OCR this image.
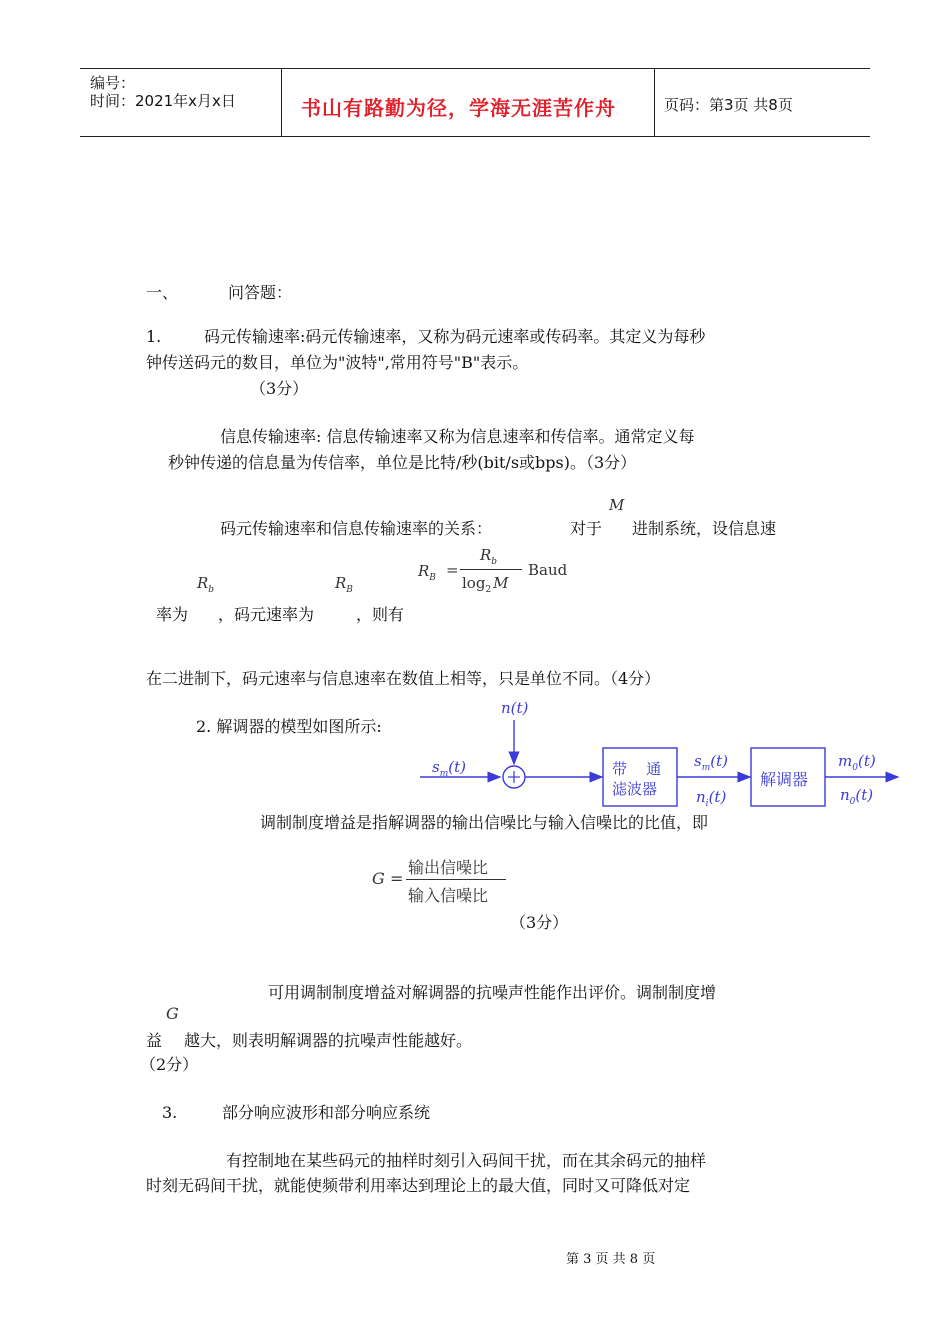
编号：
时间：2021年x月x日	书山有路勤为径，学海无涯苦作舟	页码：第3页 共8页
一、	问答题：
1.	码元传输速率:码元传输速率，又称为码元速率或传码率。其定义为每秒
钟传送码元的数目，单位为"波特",常用符号"B"表示。
（3分）
信息传输速率: 信息传输速率又称为信息速率和传信率。通常定义每
秒钟传递的信息量为传信率，单位是比特/秒(bit/s或bps)。（3分）
M
码元传输速率和信息传输速率的关系：	对于 进制系统，设信息速
$R_b$	$R_B$
$R_B$ =
$R_b$
$\log_2 M$
Baud
率为 ，码元速率为	，则有
在二进制下，码元速率与信息速率在数值上相等，只是单位不同。（4分）
2. 解调器的模型如图所示:
n(t)
$s_m(t)$	带    通
滤波器
$s_m(t)$
$n_i(t)$
解调器
$m_0(t)$
$n_0(t)$
调制制度增益是指解调器的输出信噪比与输入信噪比的比值，即
G =
输出信噪比
输入信噪比
（3分）
可用调制制度增益对解调器的抗噪声性能作出评价。调制制度增
G
益 越大，则表明解调器的抗噪声性能越好。
（2分）
3.	部分响应波形和部分响应系统
有控制地在某些码元的抽样时刻引入码间干扰，而在其余码元的抽样
时刻无码间干扰，就能使频带利用率达到理论上的最大值，同时又可降低对定
第 3 页 共 8 页
